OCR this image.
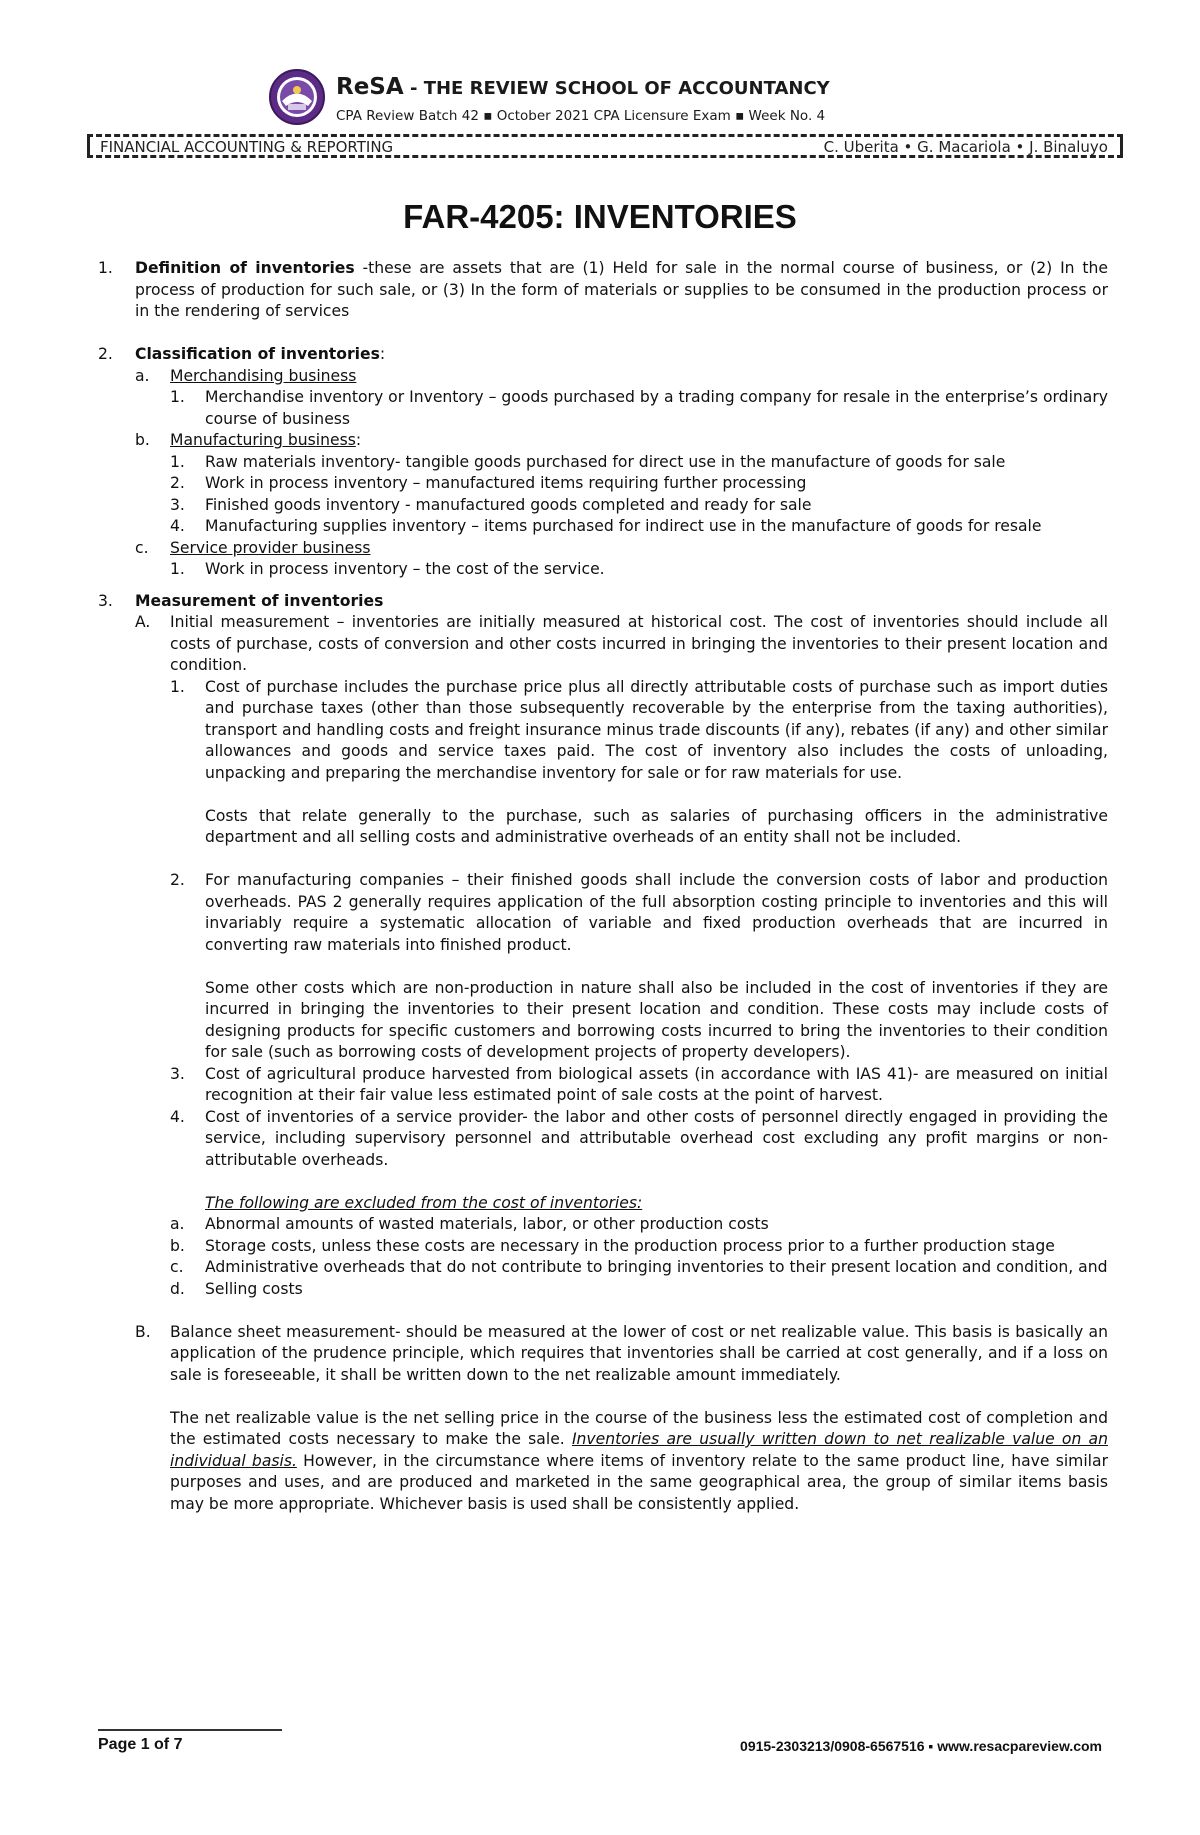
ReSA - THE REVIEW SCHOOL OF ACCOUNTANCY
CPA Review Batch 42 ▪ October 2021 CPA Licensure Exam ▪ Week No. 4
FINANCIAL ACCOUNTING & REPORTING	C. Uberita • G. Macariola • J. Binaluyo
FAR-4205: INVENTORIES
1. Definition of inventories -these are assets that are (1) Held for sale in the normal course of business, or (2) In the process of production for such sale, or (3) In the form of materials or supplies to be consumed in the production process or in the rendering of services
2. Classification of inventories:
a. Merchandising business
1. Merchandise inventory or Inventory – goods purchased by a trading company for resale in the enterprise’s ordinary course of business
b. Manufacturing business:
1. Raw materials inventory- tangible goods purchased for direct use in the manufacture of goods for sale
2. Work in process inventory – manufactured items requiring further processing
3. Finished goods inventory - manufactured goods completed and ready for sale
4. Manufacturing supplies inventory – items purchased for indirect use in the manufacture of goods for resale
c. Service provider business
1. Work in process inventory – the cost of the service.
3. Measurement of inventories
A. Initial measurement – inventories are initially measured at historical cost. The cost of inventories should include all costs of purchase, costs of conversion and other costs incurred in bringing the inventories to their present location and condition.
1. Cost of purchase includes the purchase price plus all directly attributable costs of purchase such as import duties and purchase taxes (other than those subsequently recoverable by the enterprise from the taxing authorities), transport and handling costs and freight insurance minus trade discounts (if any), rebates (if any) and other similar allowances and goods and service taxes paid. The cost of inventory also includes the costs of unloading, unpacking and preparing the merchandise inventory for sale or for raw materials for use.
Costs that relate generally to the purchase, such as salaries of purchasing officers in the administrative department and all selling costs and administrative overheads of an entity shall not be included.
2. For manufacturing companies – their finished goods shall include the conversion costs of labor and production overheads. PAS 2 generally requires application of the full absorption costing principle to inventories and this will invariably require a systematic allocation of variable and fixed production overheads that are incurred in converting raw materials into finished product.
Some other costs which are non-production in nature shall also be included in the cost of inventories if they are incurred in bringing the inventories to their present location and condition. These costs may include costs of designing products for specific customers and borrowing costs incurred to bring the inventories to their condition for sale (such as borrowing costs of development projects of property developers).
3. Cost of agricultural produce harvested from biological assets (in accordance with IAS 41)- are measured on initial recognition at their fair value less estimated point of sale costs at the point of harvest.
4. Cost of inventories of a service provider- the labor and other costs of personnel directly engaged in providing the service, including supervisory personnel and attributable overhead cost excluding any profit margins or non-attributable overheads.
The following are excluded from the cost of inventories:
a. Abnormal amounts of wasted materials, labor, or other production costs
b. Storage costs, unless these costs are necessary in the production process prior to a further production stage
c. Administrative overheads that do not contribute to bringing inventories to their present location and condition, and
d. Selling costs
B. Balance sheet measurement- should be measured at the lower of cost or net realizable value. This basis is basically an application of the prudence principle, which requires that inventories shall be carried at cost generally, and if a loss on sale is foreseeable, it shall be written down to the net realizable amount immediately.
The net realizable value is the net selling price in the course of the business less the estimated cost of completion and the estimated costs necessary to make the sale. Inventories are usually written down to net realizable value on an individual basis. However, in the circumstance where items of inventory relate to the same product line, have similar purposes and uses, and are produced and marketed in the same geographical area, the group of similar items basis may be more appropriate. Whichever basis is used shall be consistently applied.
Page 1 of 7	0915-2303213/0908-6567516 ▪ www.resacpareview.com
